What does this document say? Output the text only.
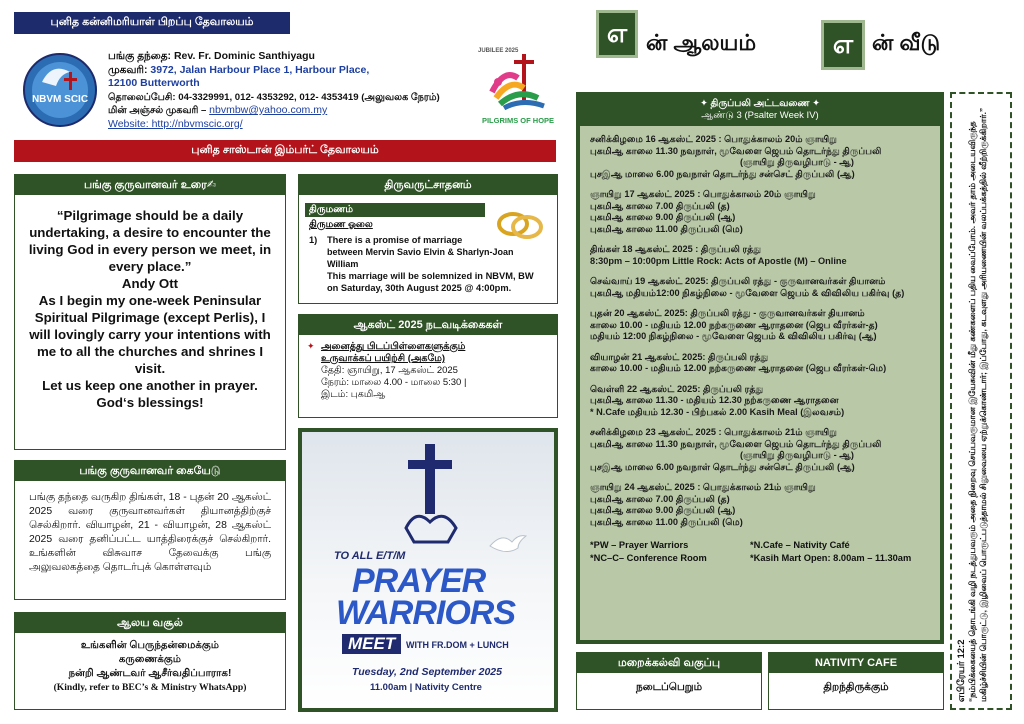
புனித கன்னிமரியாள் பிறப்பு தேவாலயம்
NBVM SCIC
பங்கு தந்தை: Rev. Fr. Dominic Santhiyagu
முகவரி: 3972, Jalan Harbour Place 1, Harbour Place,
12100 Butterworth
தொலைப்பேசி: 04-3329991, 012- 4353292, 012- 4353419 (அலுவலக நேரம்)
மின் அஞ்சல் முகவரி – nbvmbw@yahoo.com.my
Website: http://nbvmscic.org/
JUBILEE 2025
PILGRIMS OF HOPE
புனித சாஸ்டான் இம்பர்ட் தேவாலயம்
எ ன் ஆலயம்	எ ன் வீடு
பங்கு குருவானவர் உரை✍
“Pilgrimage should be a daily undertaking, a desire to encounter the living God in every person we meet, in every place.”
Andy Ott
As I begin my one-week Peninsular Spiritual Pilgrimage (except Perlis), I will lovingly carry your intentions with me to all the churches and shrines I visit.
Let us keep one another in prayer. God‘s blessings!
பங்கு குருவானவர் கையேடு
பங்கு தந்தை வருகிற திங்கள், 18 - புதன் 20 ஆகஸ்ட் 2025 வரை குருவானவர்கள் தியானத்திற்குச் செல்கிறார். வியாழன், 21 - வியாழன், 28 ஆகஸ்ட் 2025 வரை தனிப்பட்ட யாத்திரைக்குச் செல்கிறார். உங்களின் விசுவாச தேவைக்கு பங்கு அலுவலகத்தை தொடர்புக் கொள்ளவும்
ஆலய வசூல்
உங்களின் பெருந்தன்மைக்கும்
கருணைக்கும்
நன்றி ஆண்டவர் ஆசீர்வதிப்பாராக!
(Kindly, refer to BEC’s & Ministry WhatsApp)
திருவருட்சாதனம்
திருமணம்
திருமண ஓலை
1)	There is a promise of marriage
between Mervin Savio Elvin & Sharlyn-Joan William
This marriage will be solemnized in NBVM, BW
on Saturday, 30th August 2025 @ 4:00pm.
ஆகஸ்ட் 2025 நடவடிக்கைகள்
✦ அனைத்து பிடப்பிள்ளைகளுக்கும்
உருவாக்கப் பயிற்சி (அகமே)
தேதி: ஞாயிறு, 17 ஆகஸ்ட் 2025
நேரம்: மாலை 4.00 - மாலை 5:30 |
இடம்: புகமிஆ
TO ALL E/T/M
PRAYER
WARRIORS
MEET	WITH FR.DOM + LUNCH
Tuesday, 2nd September 2025
11.00am | Nativity Centre
✦ திருப்பலி அட்டவணை ✦
ஆண்டு 3 (Psalter Week IV)
சனிக்கிழமை 16 ஆகஸ்ட் 2025 : பொதுக்காலம் 20ம் ஞாயிறு
புகமிஆ காலை 11.30 நவநாள், மூவேளை ஜெபம் தொடர்ந்து திருப்பலி
(ஞாயிறு திருவழிபாடு - ஆ)
புசஇஆ மாலை 6.00 நவநாள் தொடர்ந்து சன்செட் திருப்பலி (ஆ)
ஞாயிறு 17 ஆகஸ்ட் 2025 : பொதுக்காலம் 20ம் ஞாயிறு
புகமிஆ காலை 7.00 திருப்பலி (த)
புகமிஆ காலை 9.00 திருப்பலி (ஆ)
புகமிஆ காலை 11.00 திருப்பலி (மெ)
திங்கள் 18 ஆகஸ்ட் 2025 : திருப்பலி ரத்து
8:30pm – 10:00pm Little Rock: Acts of Apostle (M) – Online
செவ்வாய் 19 ஆகஸ்ட் 2025: திருப்பலி ரத்து - குருவானவர்கள் தியானம்
புகமிஆ மதியம்12:00 நிகழ்நிலை - மூவேளை ஜெபம் & விவிலிய பகிர்வு (த)
புதன் 20 ஆகஸ்ட் 2025: திருப்பலி ரத்து - குருவானவர்கள் தியானம்
காலை 10.00 - மதியம் 12.00 நற்கருணை ஆராதனை (ஜெப வீரர்கள்-த)
மதியம் 12:00 நிகழ்நிலை - மூவேளை ஜெபம் & விவிலிய பகிர்வு (ஆ)
வியாழன் 21 ஆகஸ்ட் 2025: திருப்பலி ரத்து
காலை 10.00 - மதியம் 12.00 நற்கருணை ஆராதனை (ஜெப வீரர்கள்-மெ)
வெள்ளி 22 ஆகஸ்ட் 2025: திருப்பலி ரத்து
புகமிஆ காலை 11.30 - மதியம் 12.30 நற்கருணை ஆராதனை
* N.Cafe மதியம் 12.30 - பிற்பகல் 2.00 Kasih Meal (இலவசம்)
சனிக்கிழமை 23 ஆகஸ்ட் 2025 : பொதுக்காலம் 21ம் ஞாயிறு
புகமிஆ காலை 11.30 நவநாள், மூவேளை ஜெபம் தொடர்ந்து திருப்பலி
(ஞாயிறு திருவழிபாடு - ஆ)
புசஇஆ மாலை 6.00 நவநாள் தொடர்ந்து சன்செட் திருப்பலி (ஆ)
ஞாயிறு 24 ஆகஸ்ட் 2025 : பொதுக்காலம் 21ம் ஞாயிறு
புகமிஆ காலை 7.00 திருப்பலி (த)
புகமிஆ காலை 9.00 திருப்பலி (ஆ)
புகமிஆ காலை 11.00 திருப்பலி (மெ)
*PW – Prayer Warriors	*N.Cafe – Nativity Café
*NC–C– Conference Room	*Kasih Mart Open: 8.00am – 11.30am
மறைக்கல்வி வகுப்பு
நடைப்பெறும்
NATIVITY CAFE
திறந்திருக்கும்	எபிரேயர் 12:2 “நம்பிக்கையைத் தொடங்கி வழி நடத்துபவரும் அதை நிறைவு செய்பவருமான இயேசுவின் மீது கண்களைப் பதிய வைப்போம். அவர் தாம் அடையவிருந்த மகிழ்ச்சியின் பொருட்டு, இழிவைப் பொருட்படுத்தாமல் சிலுவையை ஏற்றுக்கொண்டார்; இப்போது, கடவுளது அரியணையின் வலப்பக்கத்தில் வீற்றிருக்கிறார்.”
